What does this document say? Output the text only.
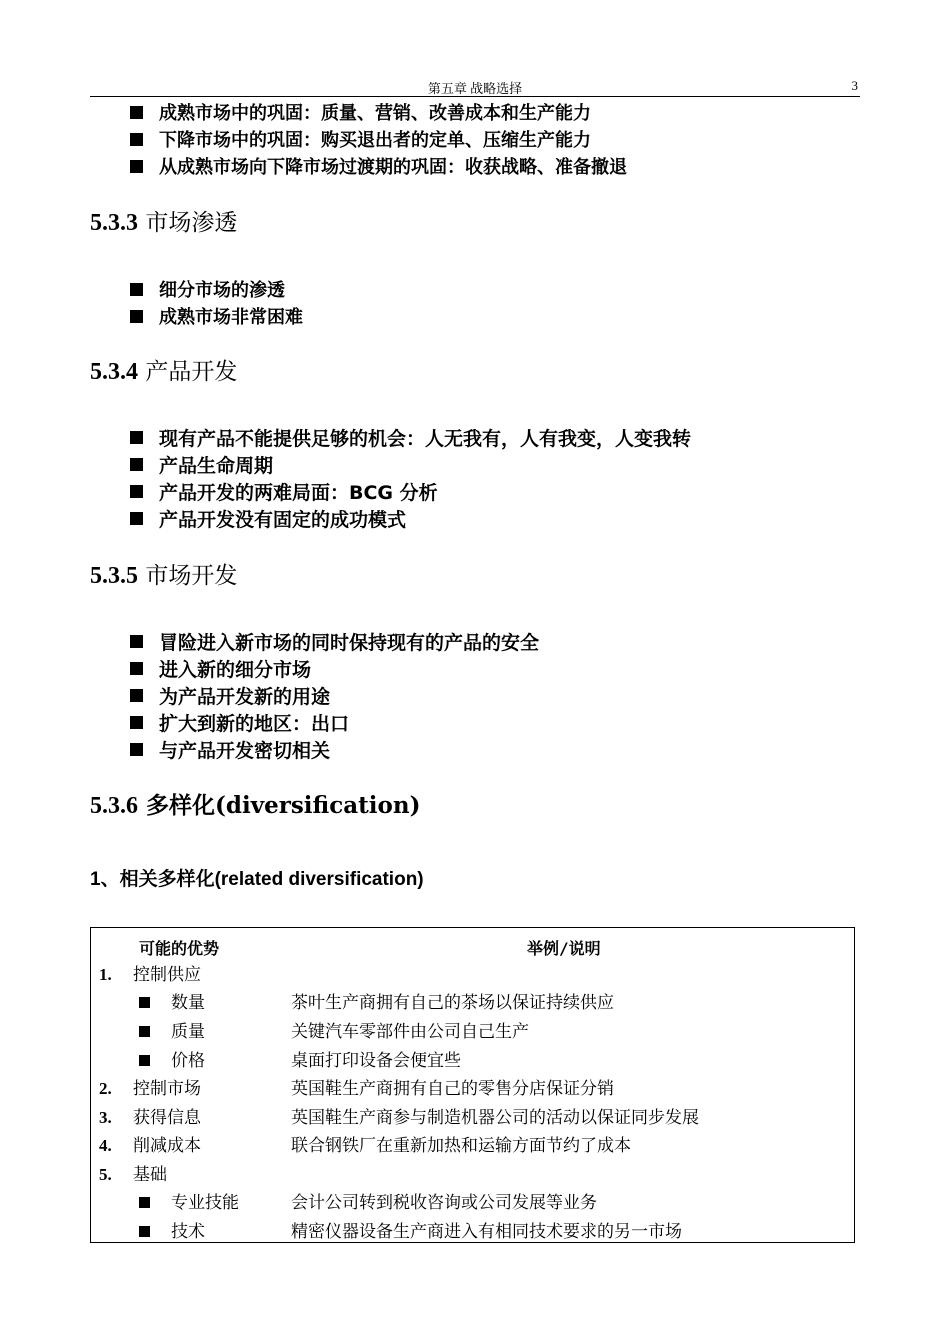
第五章 战略选择	3
成熟市场中的巩固：质量、营销、改善成本和生产能力
下降市场中的巩固：购买退出者的定单、压缩生产能力
从成熟市场向下降市场过渡期的巩固：收获战略、准备撤退
5.3.3 市场渗透
细分市场的渗透
成熟市场非常困难
5.3.4 产品开发
现有产品不能提供足够的机会：人无我有，人有我变，人变我转
产品生命周期
产品开发的两难局面：BCG 分析
产品开发没有固定的成功模式
5.3.5 市场开发
冒险进入新市场的同时保持现有的产品的安全
进入新的细分市场
为产品开发新的用途
扩大到新的地区：出口
与产品开发密切相关
5.3.6 多样化(diversification)
1、相关多样化(related diversification)
可能的优势	举例/说明
1. 控制供应
数量	茶叶生产商拥有自己的茶场以保证持续供应
质量	关键汽车零部件由公司自己生产
价格	桌面打印设备会便宜些
2. 控制市场	英国鞋生产商拥有自己的零售分店保证分销
3. 获得信息	英国鞋生产商参与制造机器公司的活动以保证同步发展
4. 削减成本	联合钢铁厂在重新加热和运输方面节约了成本
5. 基础
专业技能	会计公司转到税收咨询或公司发展等业务
技术	精密仪器设备生产商进入有相同技术要求的另一市场
